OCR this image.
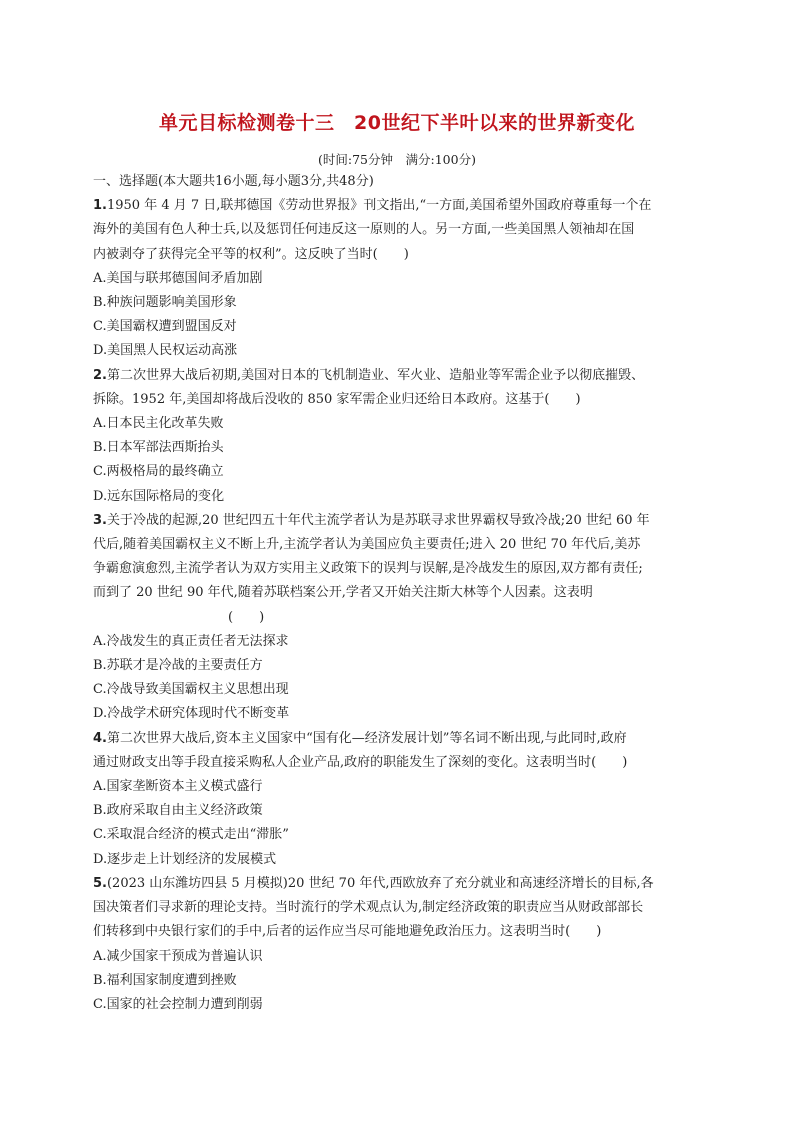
单元目标检测卷十三　20世纪下半叶以来的世界新变化
(时间:75分钟　满分:100分)
一、选择题(本大题共16小题,每小题3分,共48分)
1.1950 年 4 月 7 日,联邦德国《劳动世界报》刊文指出,“一方面,美国希望外国政府尊重每一个在
海外的美国有色人种士兵,以及惩罚任何违反这一原则的人。另一方面,一些美国黑人领袖却在国
内被剥夺了获得完全平等的权利”。这反映了当时(　　)
A.美国与联邦德国间矛盾加剧
B.种族问题影响美国形象
C.美国霸权遭到盟国反对
D.美国黑人民权运动高涨
2.第二次世界大战后初期,美国对日本的飞机制造业、军火业、造船业等军需企业予以彻底摧毁、
拆除。1952 年,美国却将战后没收的 850 家军需企业归还给日本政府。这基于(　　)
A.日本民主化改革失败
B.日本军部法西斯抬头
C.两极格局的最终确立
D.远东国际格局的变化
3.关于冷战的起源,20 世纪四五十年代主流学者认为是苏联寻求世界霸权导致冷战;20 世纪 60 年
代后,随着美国霸权主义不断上升,主流学者认为美国应负主要责任;进入 20 世纪 70 年代后,美苏
争霸愈演愈烈,主流学者认为双方实用主义政策下的误判与误解,是冷战发生的原因,双方都有责任;
而到了 20 世纪 90 年代,随着苏联档案公开,学者又开始关注斯大林等个人因素。这表明
(　　)
A.冷战发生的真正责任者无法探求
B.苏联才是冷战的主要责任方
C.冷战导致美国霸权主义思想出现
D.冷战学术研究体现时代不断变革
4.第二次世界大战后,资本主义国家中“国有化—经济发展计划”等名词不断出现,与此同时,政府
通过财政支出等手段直接采购私人企业产品,政府的职能发生了深刻的变化。这表明当时(　　)
A.国家垄断资本主义模式盛行
B.政府采取自由主义经济政策
C.采取混合经济的模式走出“滞胀”
D.逐步走上计划经济的发展模式
5.(2023 山东潍坊四县 5 月模拟)20 世纪 70 年代,西欧放弃了充分就业和高速经济增长的目标,各
国决策者们寻求新的理论支持。当时流行的学术观点认为,制定经济政策的职责应当从财政部部长
们转移到中央银行家们的手中,后者的运作应当尽可能地避免政治压力。这表明当时(　　)
A.减少国家干预成为普遍认识
B.福利国家制度遭到挫败
C.国家的社会控制力遭到削弱
